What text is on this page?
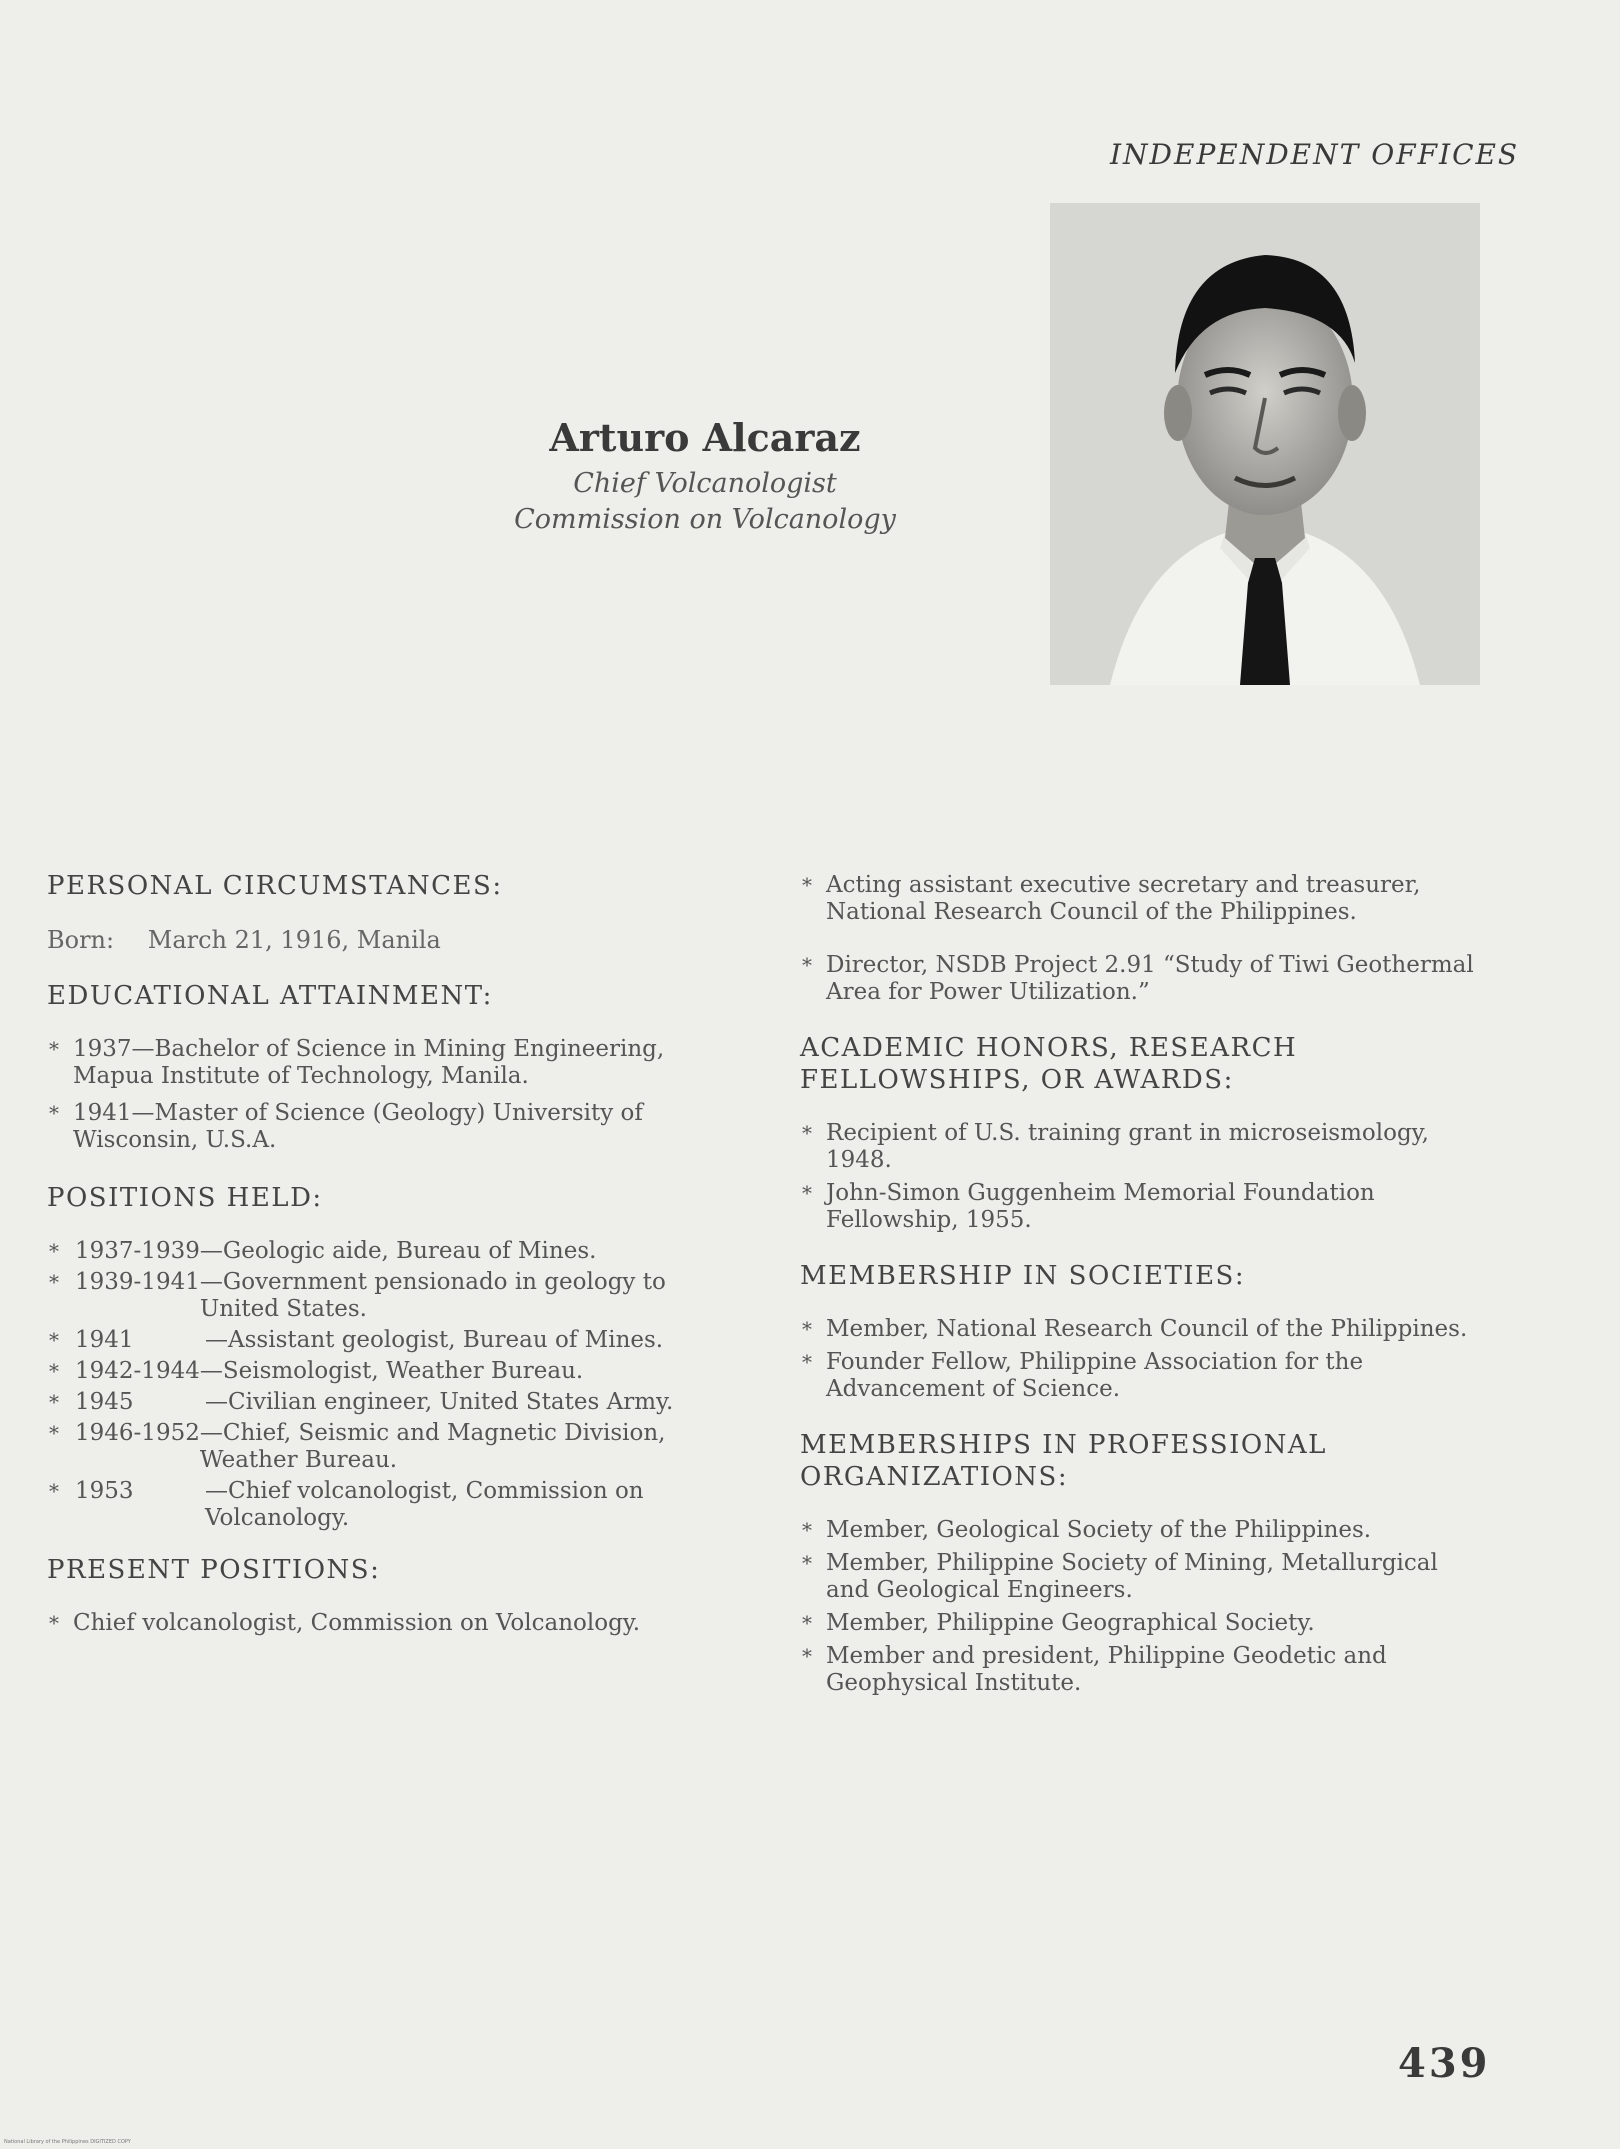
INDEPENDENT OFFICES
Arturo Alcaraz
Chief Volcanologist
Commission on Volcanology
PERSONAL CIRCUMSTANCES:
Born: March 21, 1916, Manila
EDUCATIONAL ATTAINMENT:
* 1937—Bachelor of Science in Mining Engineering, Mapua Institute of Technology, Manila.
* 1941—Master of Science (Geology) University of Wisconsin, U.S.A.
POSITIONS HELD:
* 1937-1939 —Geologic aide, Bureau of Mines.
* 1939-1941 —Government pensionado in geology to United States.
* 1941	—Assistant geologist, Bureau of Mines.
* 1942-1944 —Seismologist, Weather Bureau.
* 1945	—Civilian engineer, United States Army.
* 1946-1952 —Chief, Seismic and Magnetic Division, Weather Bureau.
* 1953	—Chief volcanologist, Commission on Volcanology.
PRESENT POSITIONS:
* Chief volcanologist, Commission on Volcanology.
* Acting assistant executive secretary and treasurer, National Research Council of the Philippines.
* Director, NSDB Project 2.91 “Study of Tiwi Geothermal Area for Power Utilization.”
ACADEMIC HONORS, RESEARCH
FELLOWSHIPS, OR AWARDS:
* Recipient of U.S. training grant in microseismology, 1948.
* John-Simon Guggenheim Memorial Foundation Fellowship, 1955.
MEMBERSHIP IN SOCIETIES:
* Member, National Research Council of the Philippines.
* Founder Fellow, Philippine Association for the Advancement of Science.
MEMBERSHIPS IN PROFESSIONAL
ORGANIZATIONS:
* Member, Geological Society of the Philippines.
* Member, Philippine Society of Mining, Metallurgical and Geological Engineers.
* Member, Philippine Geographical Society.
* Member and president, Philippine Geodetic and Geophysical Institute.
439
National Library of the Philippines DIGITIZED COPY
